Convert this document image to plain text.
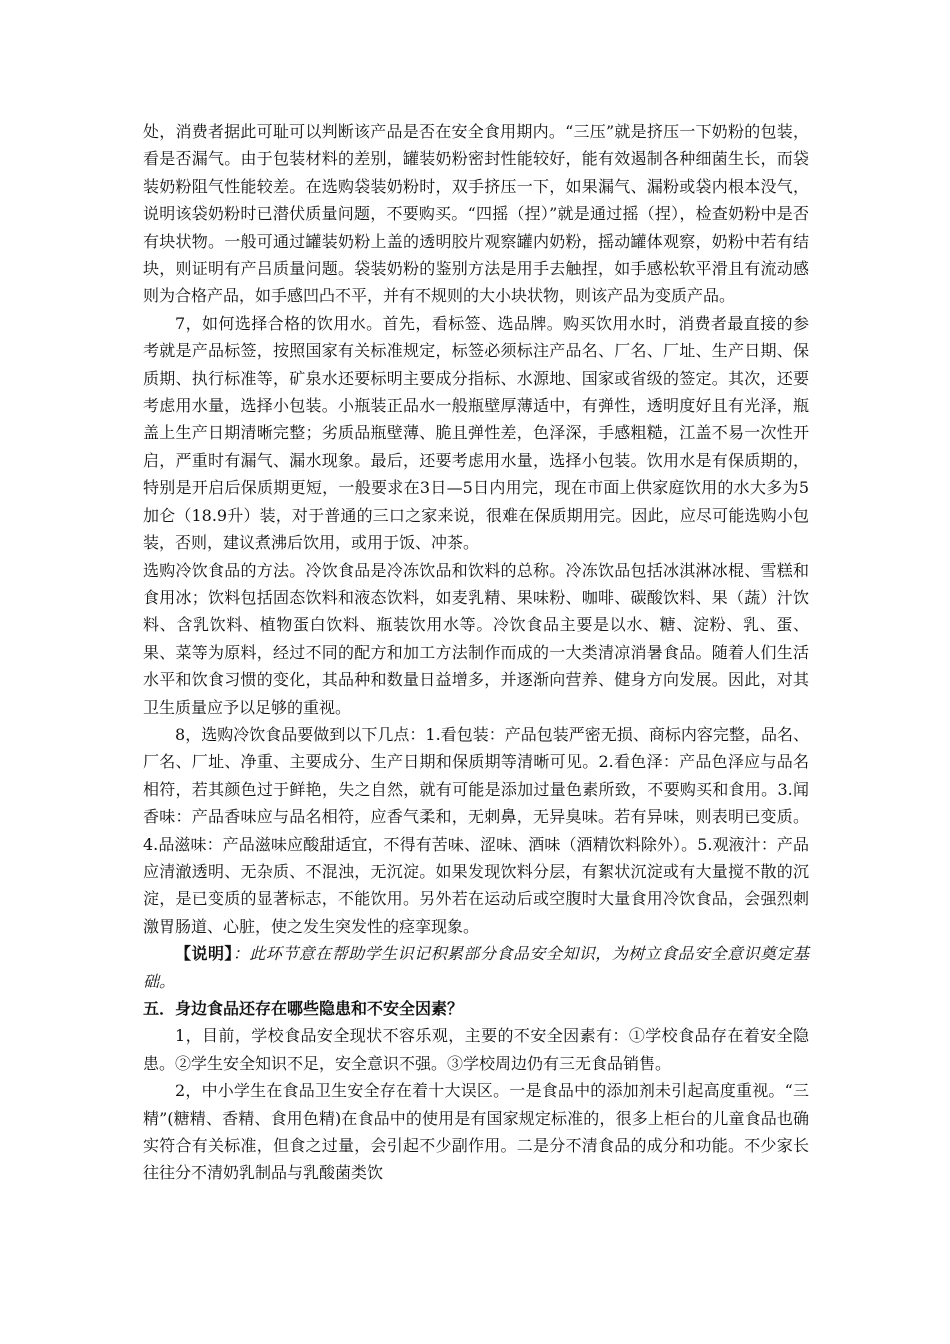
处，消费者据此可耻可以判断该产品是否在安全食用期内。“三压”就是挤压一下奶粉的包装，看是否漏气。由于包装材料的差别，罐装奶粉密封性能较好，能有效遏制各种细菌生长，而袋装奶粉阻气性能较差。在选购袋装奶粉时，双手挤压一下，如果漏气、漏粉或袋内根本没气，说明该袋奶粉时已潜伏质量问题，不要购买。“四摇（捏）”就是通过摇（捏），检查奶粉中是否有块状物。一般可通过罐装奶粉上盖的透明胶片观察罐内奶粉，摇动罐体观察，奶粉中若有结块，则证明有产吕质量问题。袋装奶粉的鉴别方法是用手去触捏，如手感松软平滑且有流动感则为合格产品，如手感凹凸不平，并有不规则的大小块状物，则该产品为变质产品。

7，如何选择合格的饮用水。首先，看标签、选品牌。购买饮用水时，消费者最直接的参考就是产品标签，按照国家有关标准规定，标签必须标注产品名、厂名、厂址、生产日期、保质期、执行标准等，矿泉水还要标明主要成分指标、水源地、国家或省级的签定。其次，还要考虑用水量，选择小包装。小瓶装正品水一般瓶壁厚薄适中，有弹性，透明度好且有光泽，瓶盖上生产日期清晰完整；劣质品瓶壁薄、脆且弹性差，色泽深，手感粗糙，江盖不易一次性开启，严重时有漏气、漏水现象。最后，还要考虑用水量，选择小包装。饮用水是有保质期的，特别是开启后保质期更短，一般要求在3日—5日内用完，现在市面上供家庭饮用的水大多为5加仑（18.9升）装，对于普通的三口之家来说，很难在保质期用完。因此，应尽可能选购小包装，否则，建议煮沸后饮用，或用于饭、冲茶。

选购冷饮食品的方法。冷饮食品是冷冻饮品和饮料的总称。冷冻饮品包括冰淇淋冰棍、雪糕和食用冰；饮料包括固态饮料和液态饮料，如麦乳精、果味粉、咖啡、碳酸饮料、果（蔬）汁饮料、含乳饮料、植物蛋白饮料、瓶装饮用水等。冷饮食品主要是以水、糖、淀粉、乳、蛋、果、菜等为原料，经过不同的配方和加工方法制作而成的一大类清凉消暑食品。随着人们生活水平和饮食习惯的变化，其品种和数量日益增多，并逐渐向营养、健身方向发展。因此，对其卫生质量应予以足够的重视。

8，选购冷饮食品要做到以下几点：1.看包装：产品包装严密无损、商标内容完整，品名、厂名、厂址、净重、主要成分、生产日期和保质期等清晰可见。2.看色泽：产品色泽应与品名相符，若其颜色过于鲜艳，失之自然，就有可能是添加过量色素所致，不要购买和食用。3.闻香味：产品香味应与品名相符，应香气柔和，无刺鼻，无异臭味。若有异味，则表明已变质。4.品滋味：产品滋味应酸甜适宜，不得有苦味、涩味、酒味（酒精饮料除外）。5.观液汁：产品应清澈透明、无杂质、不混浊，无沉淀。如果发现饮料分层，有絮状沉淀或有大量搅不散的沉淀，是已变质的显著标志，不能饮用。另外若在运动后或空腹时大量食用冷饮食品，会强烈刺激胃肠道、心脏，使之发生突发性的痉挛现象。

【说明】：此环节意在帮助学生识记积累部分食品安全知识，为树立食品安全意识奠定基础。

五．身边食品还存在哪些隐患和不安全因素？

1，目前，学校食品安全现状不容乐观，主要的不安全因素有：①学校食品存在着安全隐患。②学生安全知识不足，安全意识不强。③学校周边仍有三无食品销售。

2，中小学生在食品卫生安全存在着十大误区。一是食品中的添加剂未引起高度重视。“三精”(糖精、香精、食用色精)在食品中的使用是有国家规定标准的，很多上柜台的儿童食品也确实符合有关标准，但食之过量，会引起不少副作用。二是分不清食品的成分和功能。不少家长往往分不清奶乳制品与乳酸菌类饮
